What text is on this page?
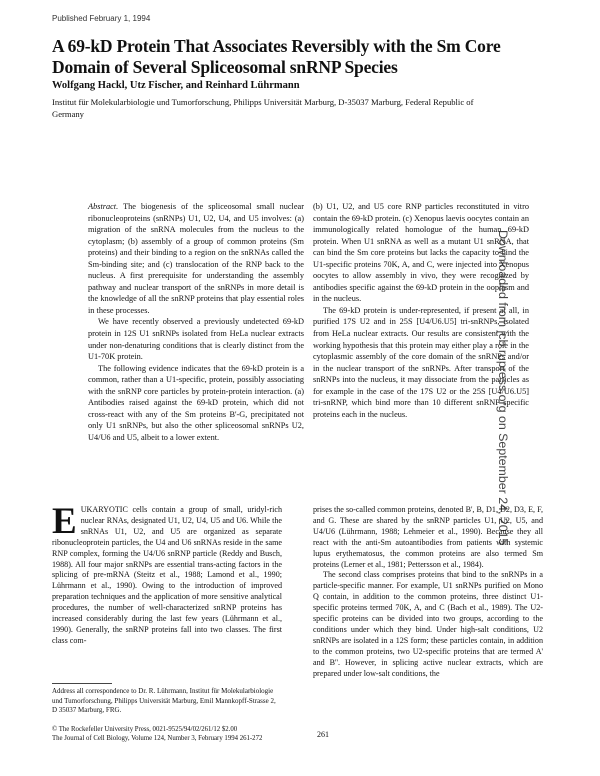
Published February 1, 1994
A 69-kD Protein That Associates Reversibly with the Sm Core Domain of Several Spliceosomal snRNP Species
Wolfgang Hackl, Utz Fischer, and Reinhard Lührmann
Institut für Molekularbiologie und Tumorforschung, Philipps Universität Marburg, D-35037 Marburg, Federal Republic of Germany

Abstract. The biogenesis of the spliceosomal small nuclear ribonucleoproteins (snRNPs) U1, U2, U4, and U5 involves: (a) migration of the snRNA molecules from the nucleus to the cytoplasm; (b) assembly of a group of common proteins (Sm proteins) and their binding to a region on the snRNAs called the Sm-binding site; and (c) translocation of the RNP back to the nucleus. A first prerequisite for understanding the assembly pathway and nuclear transport of the snRNPs in more detail is the knowledge of all the snRNP proteins that play essential roles in these processes.

We have recently observed a previously undetected 69-kD protein in 12S U1 snRNPs isolated from HeLa nuclear extracts under non-denaturing conditions that is clearly distinct from the U1-70K protein.

The following evidence indicates that the 69-kD protein is a common, rather than a U1-specific, protein, possibly associating with the snRNP core particles by protein-protein interaction. (a) Antibodies raised against the 69-kD protein, which did not cross-react with any of the Sm proteins B'-G, precipitated not only U1 snRNPs, but also the other spliceosomal snRNPs U2, U4/U6 and U5, albeit to a lower extent.

(b) U1, U2, and U5 core RNP particles reconstituted in vitro contain the 69-kD protein. (c) Xenopus laevis oocytes contain an immunologically related homologue of the human 69-kD protein. When U1 snRNA as well as a mutant U1 snRNA, that can bind the Sm core proteins but lacks the capacity to bind the U1-specific proteins 70K, A, and C, were injected into Xenopus oocytes to allow assembly in vivo, they were recognized by antibodies specific against the 69-kD protein in the ooplasm and in the nucleus.

The 69-kD protein is under-represented, if present at all, in purified 17S U2 and in 25S [U4/U6.U5] tri-snRNPs, isolated from HeLa nuclear extracts. Our results are consistent with the working hypothesis that this protein may either play a role in the cytoplasmic assembly of the core domain of the snRNPs and/or in the nuclear transport of the snRNPs. After transport of the snRNPs into the nucleus, it may dissociate from the particles as for example in the case of the 17S U2 or the 25S [U4/U6.U5] tri-snRNP, which bind more than 10 different snRNP specific proteins each in the nucleus.	Downloaded from jcb.rupress.org on September 24, 2015

EUKARYOTIC cells contain a group of small, uridyl-rich nuclear RNAs, designated U1, U2, U4, U5 and U6. While the snRNAs U1, U2, and U5 are organized as separate ribonucleoprotein particles, the U4 and U6 snRNAs reside in the same RNP complex, forming the U4/U6 snRNP particle (Reddy and Busch, 1988). All four major snRNPs are essential trans-acting factors in the splicing of pre-mRNA (Steitz et al., 1988; Lamond et al., 1990; Lührmann et al., 1990). Owing to the introduction of improved preparation techniques and the application of more sensitive analytical procedures, the number of well-characterized snRNP proteins has increased considerably during the last few years (Lührmann et al., 1990). Generally, the snRNP proteins fall into two classes. The first class com-

prises the so-called common proteins, denoted B', B, D1, D2, D3, E, F, and G. These are shared by the snRNP particles U1, U2, U5, and U4/U6 (Lührmann, 1988; Lehmeier et al., 1990). Because they all react with the anti-Sm autoantibodies from patients with systemic lupus erythematosus, the common proteins are also termed Sm proteins (Lerner et al., 1981; Pettersson et al., 1984).

The second class comprises proteins that bind to the snRNPs in a particle-specific manner. For example, U1 snRNPs purified on Mono Q contain, in addition to the common proteins, three distinct U1-specific proteins termed 70K, A, and C (Bach et al., 1989). The U2-specific proteins can be divided into two groups, according to the conditions under which they bind. Under high-salt conditions, U2 snRNPs are isolated in a 12S form; these particles contain, in addition to the common proteins, two U2-specific proteins that are termed A' and B''. However, in splicing active nuclear extracts, which are prepared under low-salt conditions, the

Address all correspondence to Dr. R. Lührmann, Institut für Molekularbiologie und Tumorforschung, Philipps Universität Marburg, Emil Mannkopff-Strasse 2, D 35037 Marburg, FRG.
© The Rockefeller University Press, 0021-9525/94/02/261/12 $2.00
The Journal of Cell Biology, Volume 124, Number 3, February 1994 261-272	261
